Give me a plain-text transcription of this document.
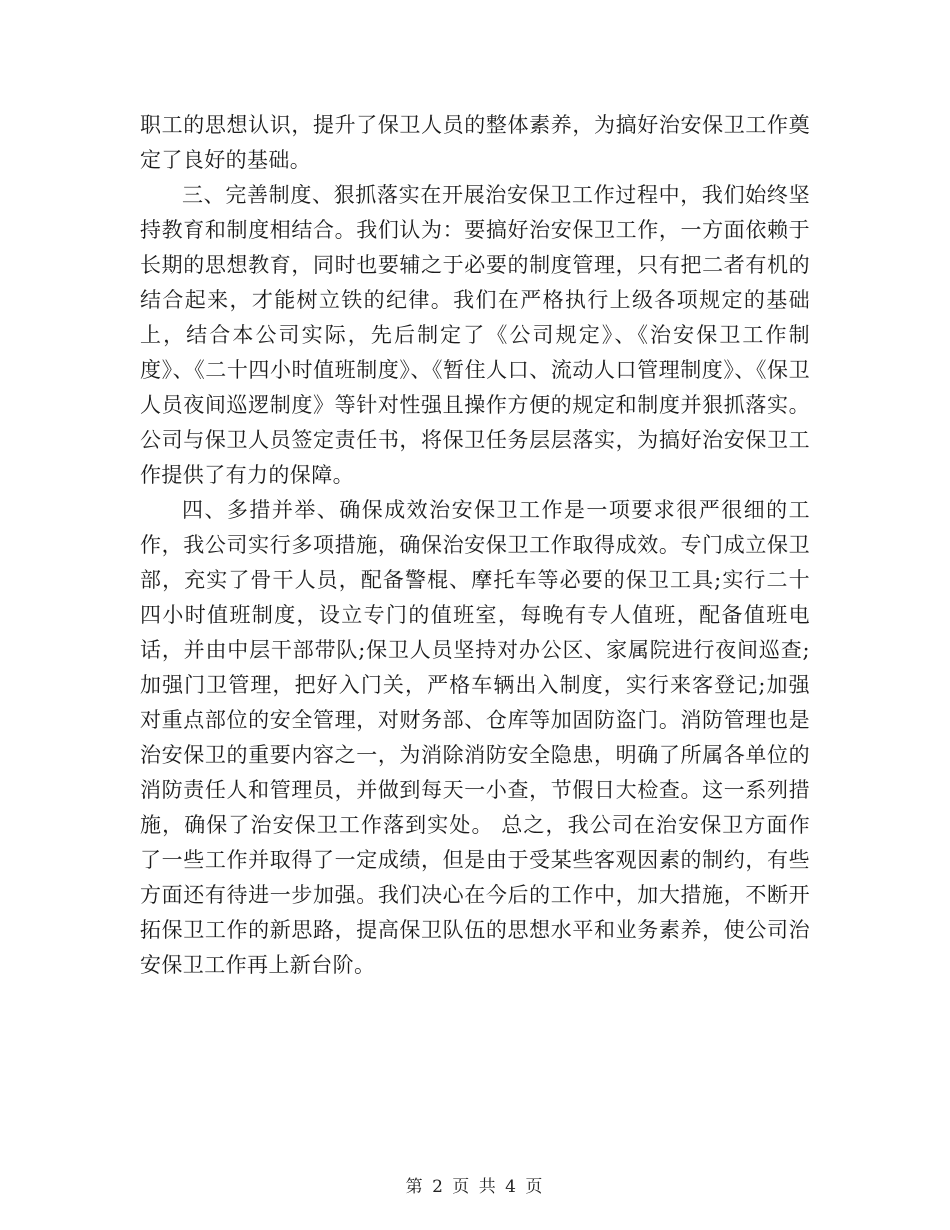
职工的思想认识，提升了保卫人员的整体素养，为搞好治安保卫工作奠定了良好的基础。

三、完善制度、狠抓落实在开展治安保卫工作过程中，我们始终坚持教育和制度相结合。我们认为：要搞好治安保卫工作，一方面依赖于长期的思想教育，同时也要辅之于必要的制度管理，只有把二者有机的结合起来，才能树立铁的纪律。我们在严格执行上级各项规定的基础上，结合本公司实际，先后制定了《公司规定》、《治安保卫工作制度》、《二十四小时值班制度》、《暂住人口、流动人口管理制度》、《保卫人员夜间巡逻制度》等针对性强且操作方便的规定和制度并狠抓落实。公司与保卫人员签定责任书，将保卫任务层层落实，为搞好治安保卫工作提供了有力的保障。

四、多措并举、确保成效治安保卫工作是一项要求很严很细的工作，我公司实行多项措施，确保治安保卫工作取得成效。专门成立保卫部，充实了骨干人员，配备警棍、摩托车等必要的保卫工具;实行二十四小时值班制度，设立专门的值班室，每晚有专人值班，配备值班电话，并由中层干部带队;保卫人员坚持对办公区、家属院进行夜间巡查;加强门卫管理，把好入门关，严格车辆出入制度，实行来客登记;加强对重点部位的安全管理，对财务部、仓库等加固防盗门。消防管理也是治安保卫的重要内容之一，为消除消防安全隐患，明确了所属各单位的消防责任人和管理员，并做到每天一小查，节假日大检查。这一系列措施，确保了治安保卫工作落到实处。 总之，我公司在治安保卫方面作了一些工作并取得了一定成绩，但是由于受某些客观因素的制约，有些方面还有待进一步加强。我们决心在今后的工作中，加大措施，不断开拓保卫工作的新思路，提高保卫队伍的思想水平和业务素养，使公司治安保卫工作再上新台阶。

第 2 页 共 4 页
